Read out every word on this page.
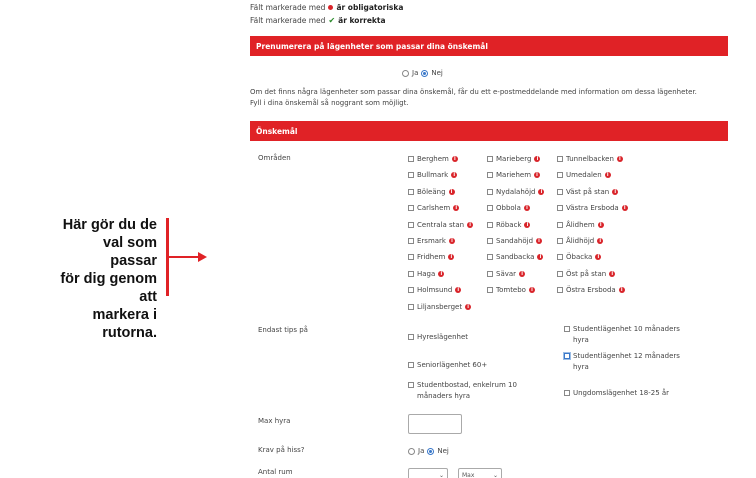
Fält markerade med är obligatoriska
Fält markerade med ✔ är korrekta
Prenumerera på lägenheter som passar dina önskemål
Ja Nej
Om det finns några lägenheter som passar dina önskemål, får du ett e-postmeddelande med information om dessa lägenheter. Fyll i dina önskemål så noggrant som möjligt.
Önskemål
Områden	Berghem	i	Marieberg	i	Tunnelbacken	i
Bullmark	i	Mariehem	i	Umedalen	i
Böleäng	i	Nydalahöjd	i	Väst på stan	i
Carlshem	i	Obbola	i	Västra Ersboda	i
Centrala stan	i	Röback	i	Ålidhem	i
Ersmark	i	Sandahöjd	i	Ålidhöjd	i
Fridhem	i	Sandbacka	i	Öbacka	i
Haga	i	Sävar	i	Öst på stan	i
Holmsund	i	Tomtebo	i	Östra Ersboda	i
Liljansberget	i
Endast tips på
Hyreslägenhet
Seniorlägenhet 60+
Studentbostad, enkelrum 10 månaders hyra
Studentlägenhet 10 månaders hyra
Studentlägenhet 12 månaders hyra
Ungdomslägenhet 18-25 år
Max hyra
Krav på hiss?	Ja Nej
Antal rum	⌄	Max	⌄
Här gör du de
val som passar
för dig genom att
markera i rutorna.
